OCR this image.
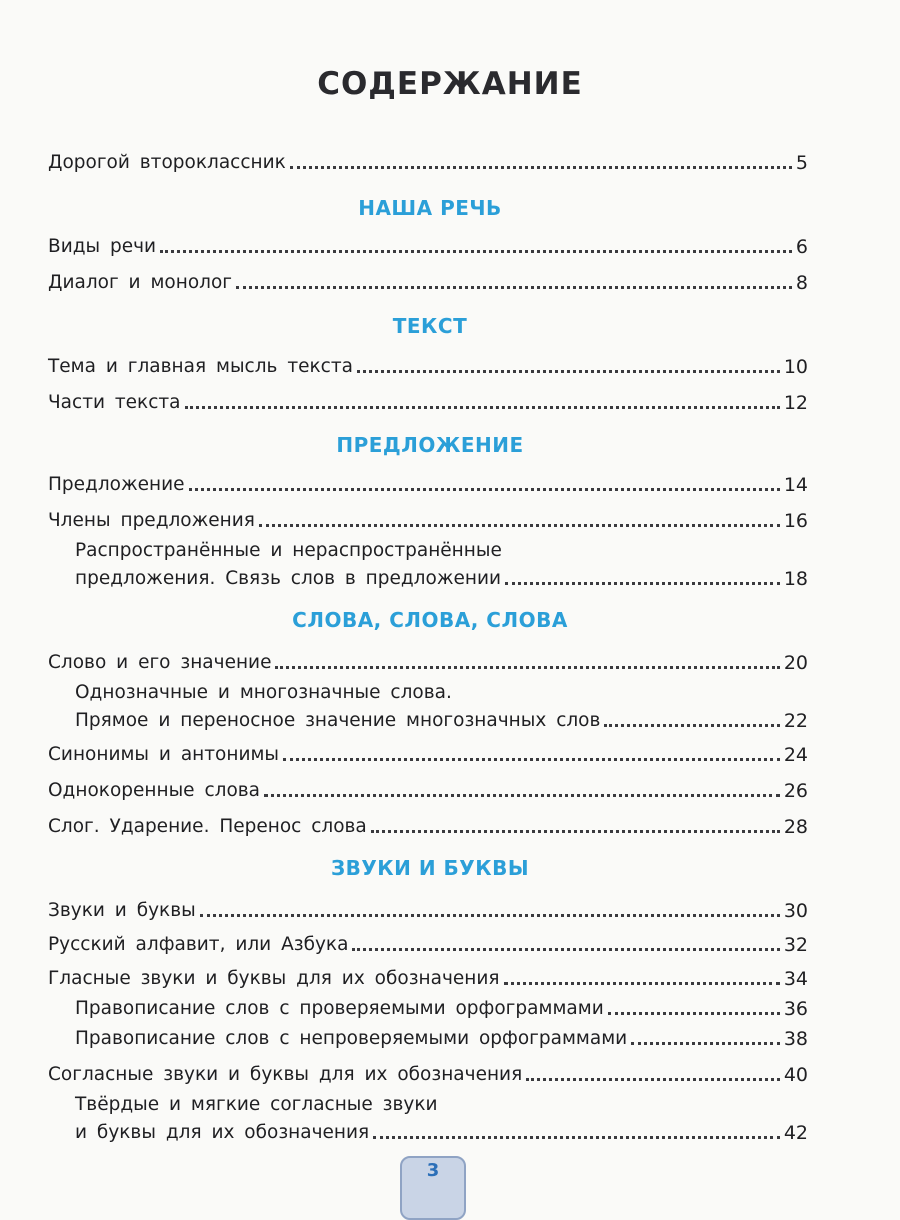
СОДЕРЖАНИЕ
Дорогой второклассник	5
НАША РЕЧЬ
Виды речи	6
Диалог и монолог	8
ТЕКСТ
Тема и главная мысль текста	10
Части текста	12
ПРЕДЛОЖЕНИЕ
Предложение	14
Члены предложения	16
Распространённые и нераспространённые
предложения. Связь слов в предложении	18
СЛОВА, СЛОВА, СЛОВА
Слово и его значение	20
Однозначные и многозначные слова.
Прямое и переносное значение многозначных слов	22
Синонимы и антонимы	24
Однокоренные слова	26
Слог. Ударение. Перенос слова	28
ЗВУКИ И БУКВЫ
Звуки и буквы	30
Русский алфавит, или Азбука	32
Гласные звуки и буквы для их обозначения	34
Правописание слов с проверяемыми орфограммами	36
Правописание слов с непроверяемыми орфограммами	38
Согласные звуки и буквы для их обозначения	40
Твёрдые и мягкие согласные звуки
и буквы для их обозначения	42
3
